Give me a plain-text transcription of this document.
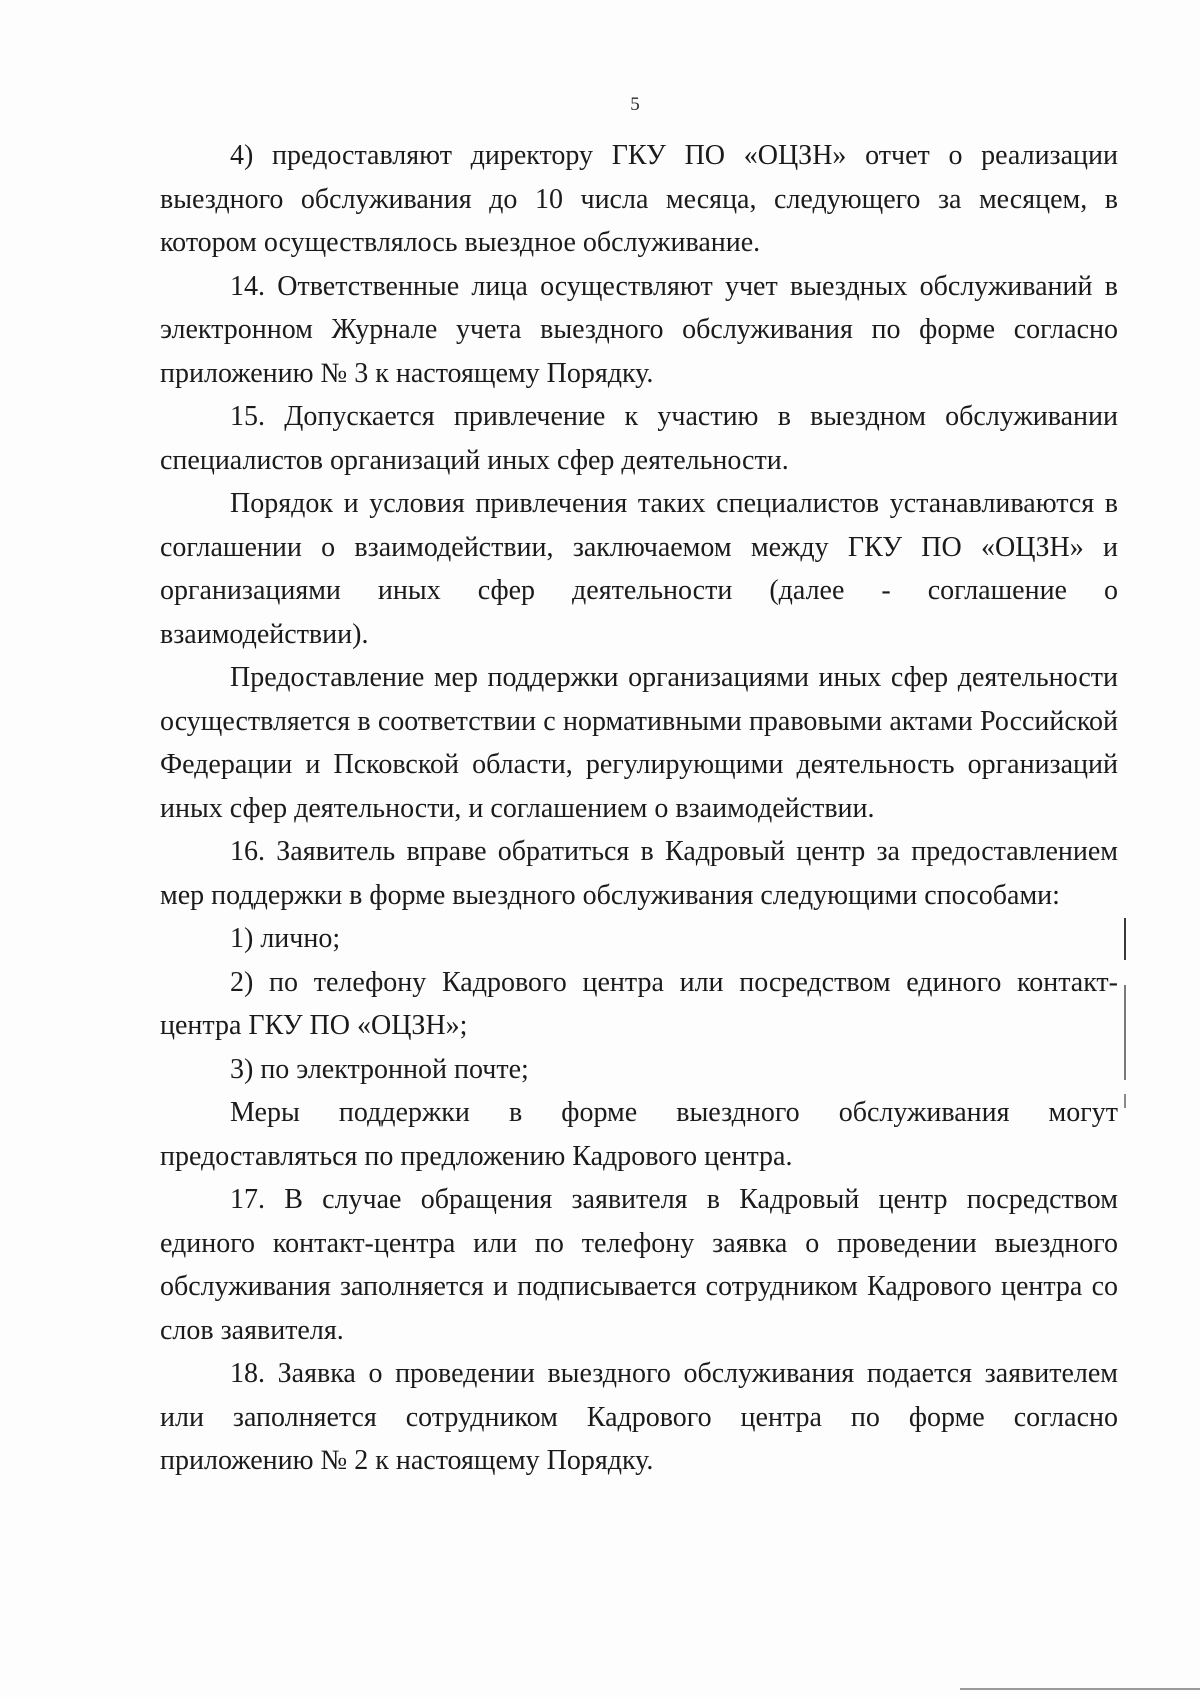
5

4) предоставляют директору ГКУ ПО «ОЦЗН» отчет о реализации выездного обслуживания до 10 числа месяца, следующего за месяцем, в котором осуществлялось выездное обслуживание.

14. Ответственные лица осуществляют учет выездных обслуживаний в электронном Журнале учета выездного обслуживания по форме согласно приложению № 3 к настоящему Порядку.

15. Допускается привлечение к участию в выездном обслуживании специалистов организаций иных сфер деятельности.

Порядок и условия привлечения таких специалистов устанавливаются в соглашении о взаимодействии, заключаемом между ГКУ ПО «ОЦЗН» и организациями иных сфер деятельности (далее - соглашение о взаимодействии).

Предоставление мер поддержки организациями иных сфер деятельности осуществляется в соответствии с нормативными правовыми актами Российской Федерации и Псковской области, регулирующими деятельность организаций иных сфер деятельности, и соглашением о взаимодействии.

16. Заявитель вправе обратиться в Кадровый центр за предоставлением мер поддержки в форме выездного обслуживания следующими способами:

1) лично;

2) по телефону Кадрового центра или посредством единого контакт-центра ГКУ ПО «ОЦЗН»;

3) по электронной почте;

Меры поддержки в форме выездного обслуживания могут предоставляться по предложению Кадрового центра.

17. В случае обращения заявителя в Кадровый центр посредством единого контакт-центра или по телефону заявка о проведении выездного обслуживания заполняется и подписывается сотрудником Кадрового центра со слов заявителя.

18. Заявка о проведении выездного обслуживания подается заявителем или заполняется сотрудником Кадрового центра по форме согласно приложению № 2 к настоящему Порядку.
